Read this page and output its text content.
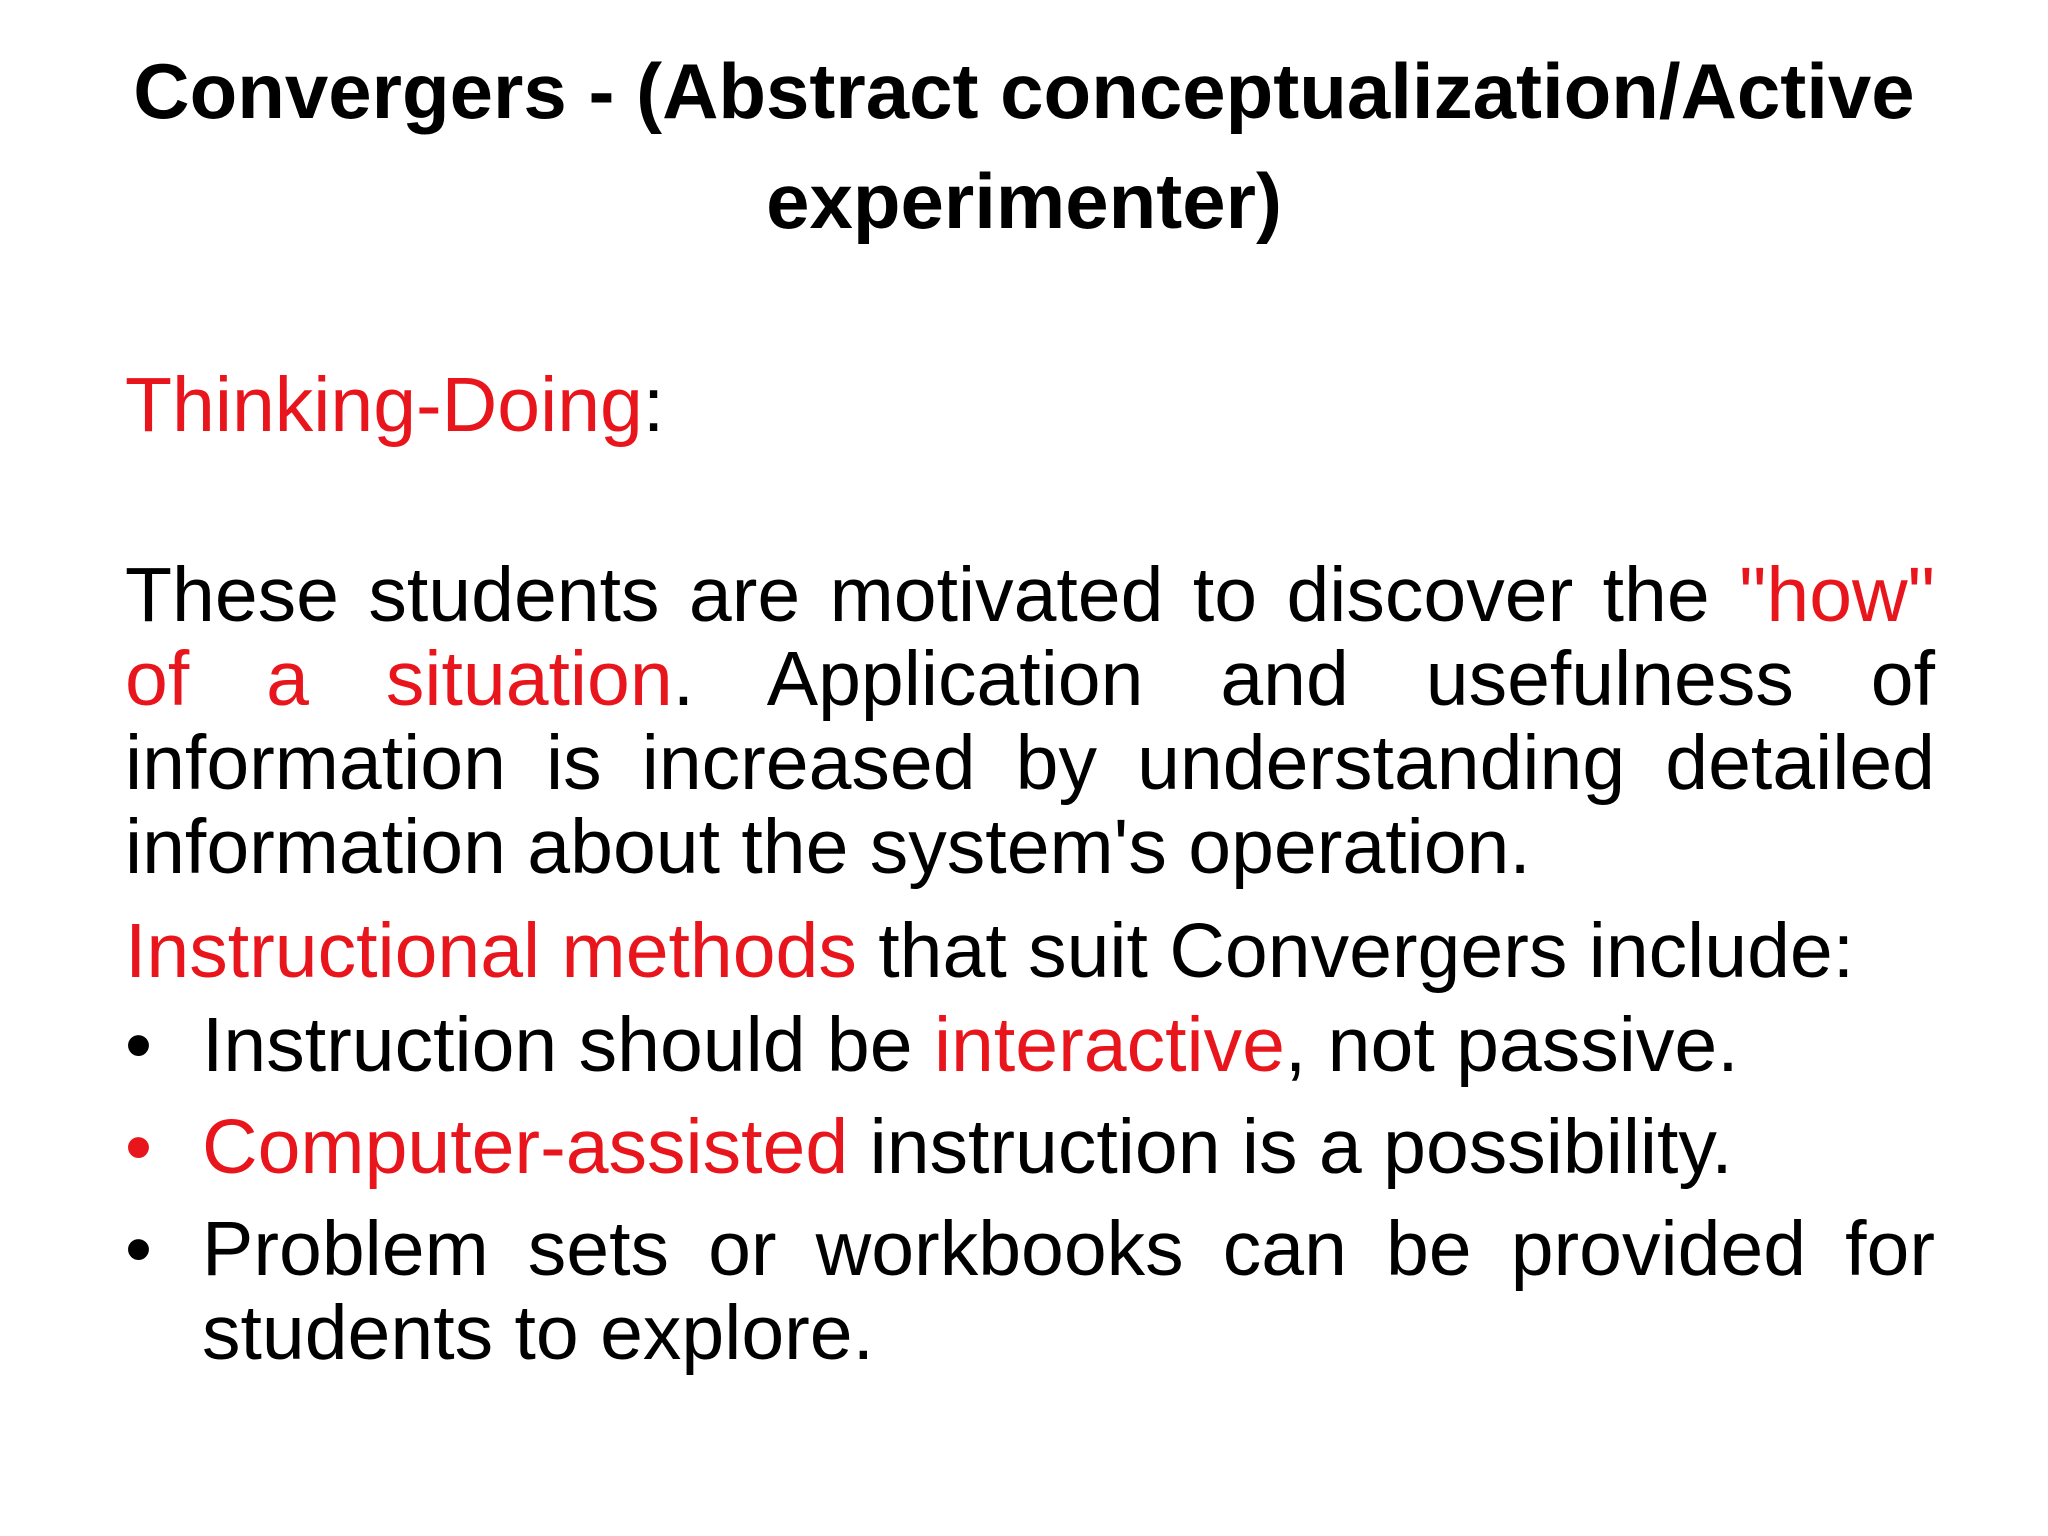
Convergers - (Abstract conceptualization/Active experimenter)

Thinking-Doing:

These students are motivated to discover the "how" of a situation. Application and usefulness of information is increased by understanding detailed information about the system's operation.

Instructional methods that suit Convergers include:

• Instruction should be interactive, not passive.
• Computer-assisted instruction is a possibility.
• Problem sets or workbooks can be provided for students to explore.
